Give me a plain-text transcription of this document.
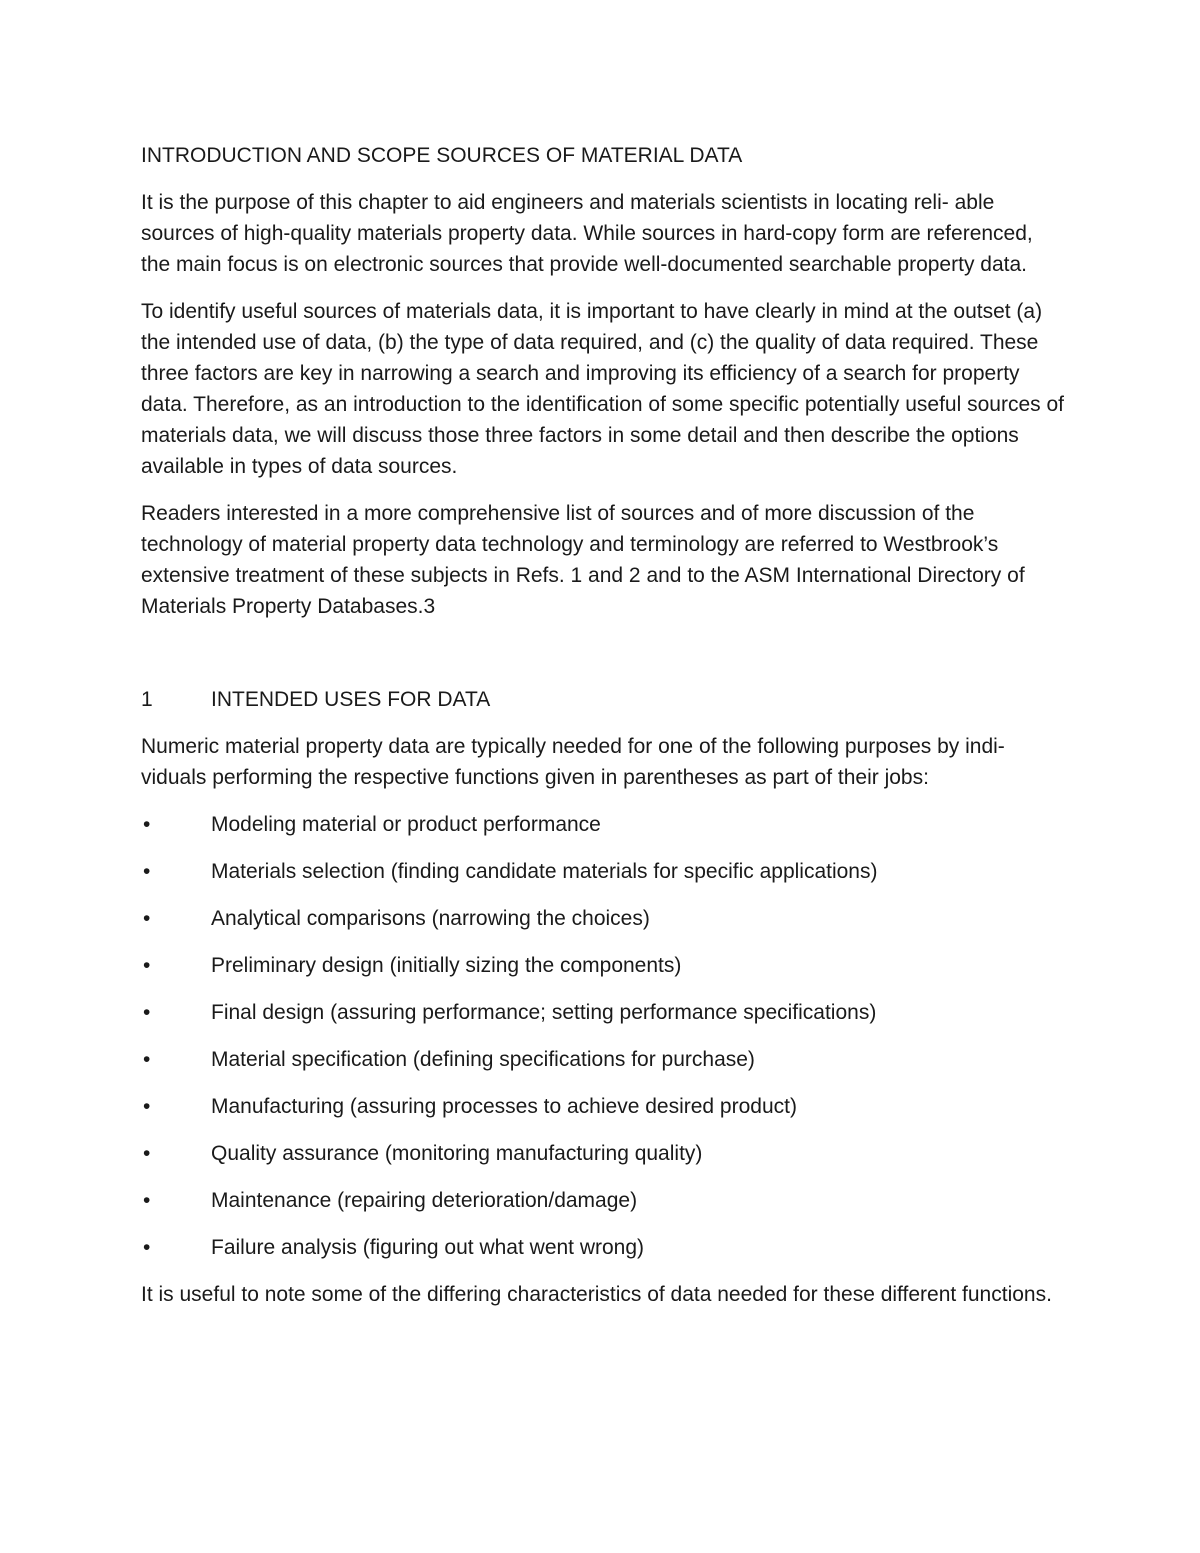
INTRODUCTION AND SCOPE SOURCES OF MATERIAL DATA

It is the purpose of this chapter to aid engineers and materials scientists in locating reli- able sources of high-quality materials property data. While sources in hard-copy form are referenced, the main focus is on electronic sources that provide well-documented searchable property data.

To identify useful sources of materials data, it is important to have clearly in mind at the outset (a) the intended use of data, (b) the type of data required, and (c) the quality of data required. These three factors are key in narrowing a search and improving its efficiency of a search for property data. Therefore, as an introduction to the identification of some specific potentially useful sources of materials data, we will discuss those three factors in some detail and then describe the options available in types of data sources.

Readers interested in a more comprehensive list of sources and of more discussion of the technology of material property data technology and terminology are referred to Westbrook’s extensive treatment of these subjects in Refs. 1 and 2 and to the ASM International Directory of Materials Property Databases.3

1	INTENDED USES FOR DATA

Numeric material property data are typically needed for one of the following purposes by indi- viduals performing the respective functions given in parentheses as part of their jobs:

•	Modeling material or product performance
•	Materials selection (finding candidate materials for specific applications)
•	Analytical comparisons (narrowing the choices)
•	Preliminary design (initially sizing the components)
•	Final design (assuring performance; setting performance specifications)
•	Material specification (defining specifications for purchase)
•	Manufacturing (assuring processes to achieve desired product)
•	Quality assurance (monitoring manufacturing quality)
•	Maintenance (repairing deterioration/damage)
•	Failure analysis (figuring out what went wrong)

It is useful to note some of the differing characteristics of data needed for these different functions.
